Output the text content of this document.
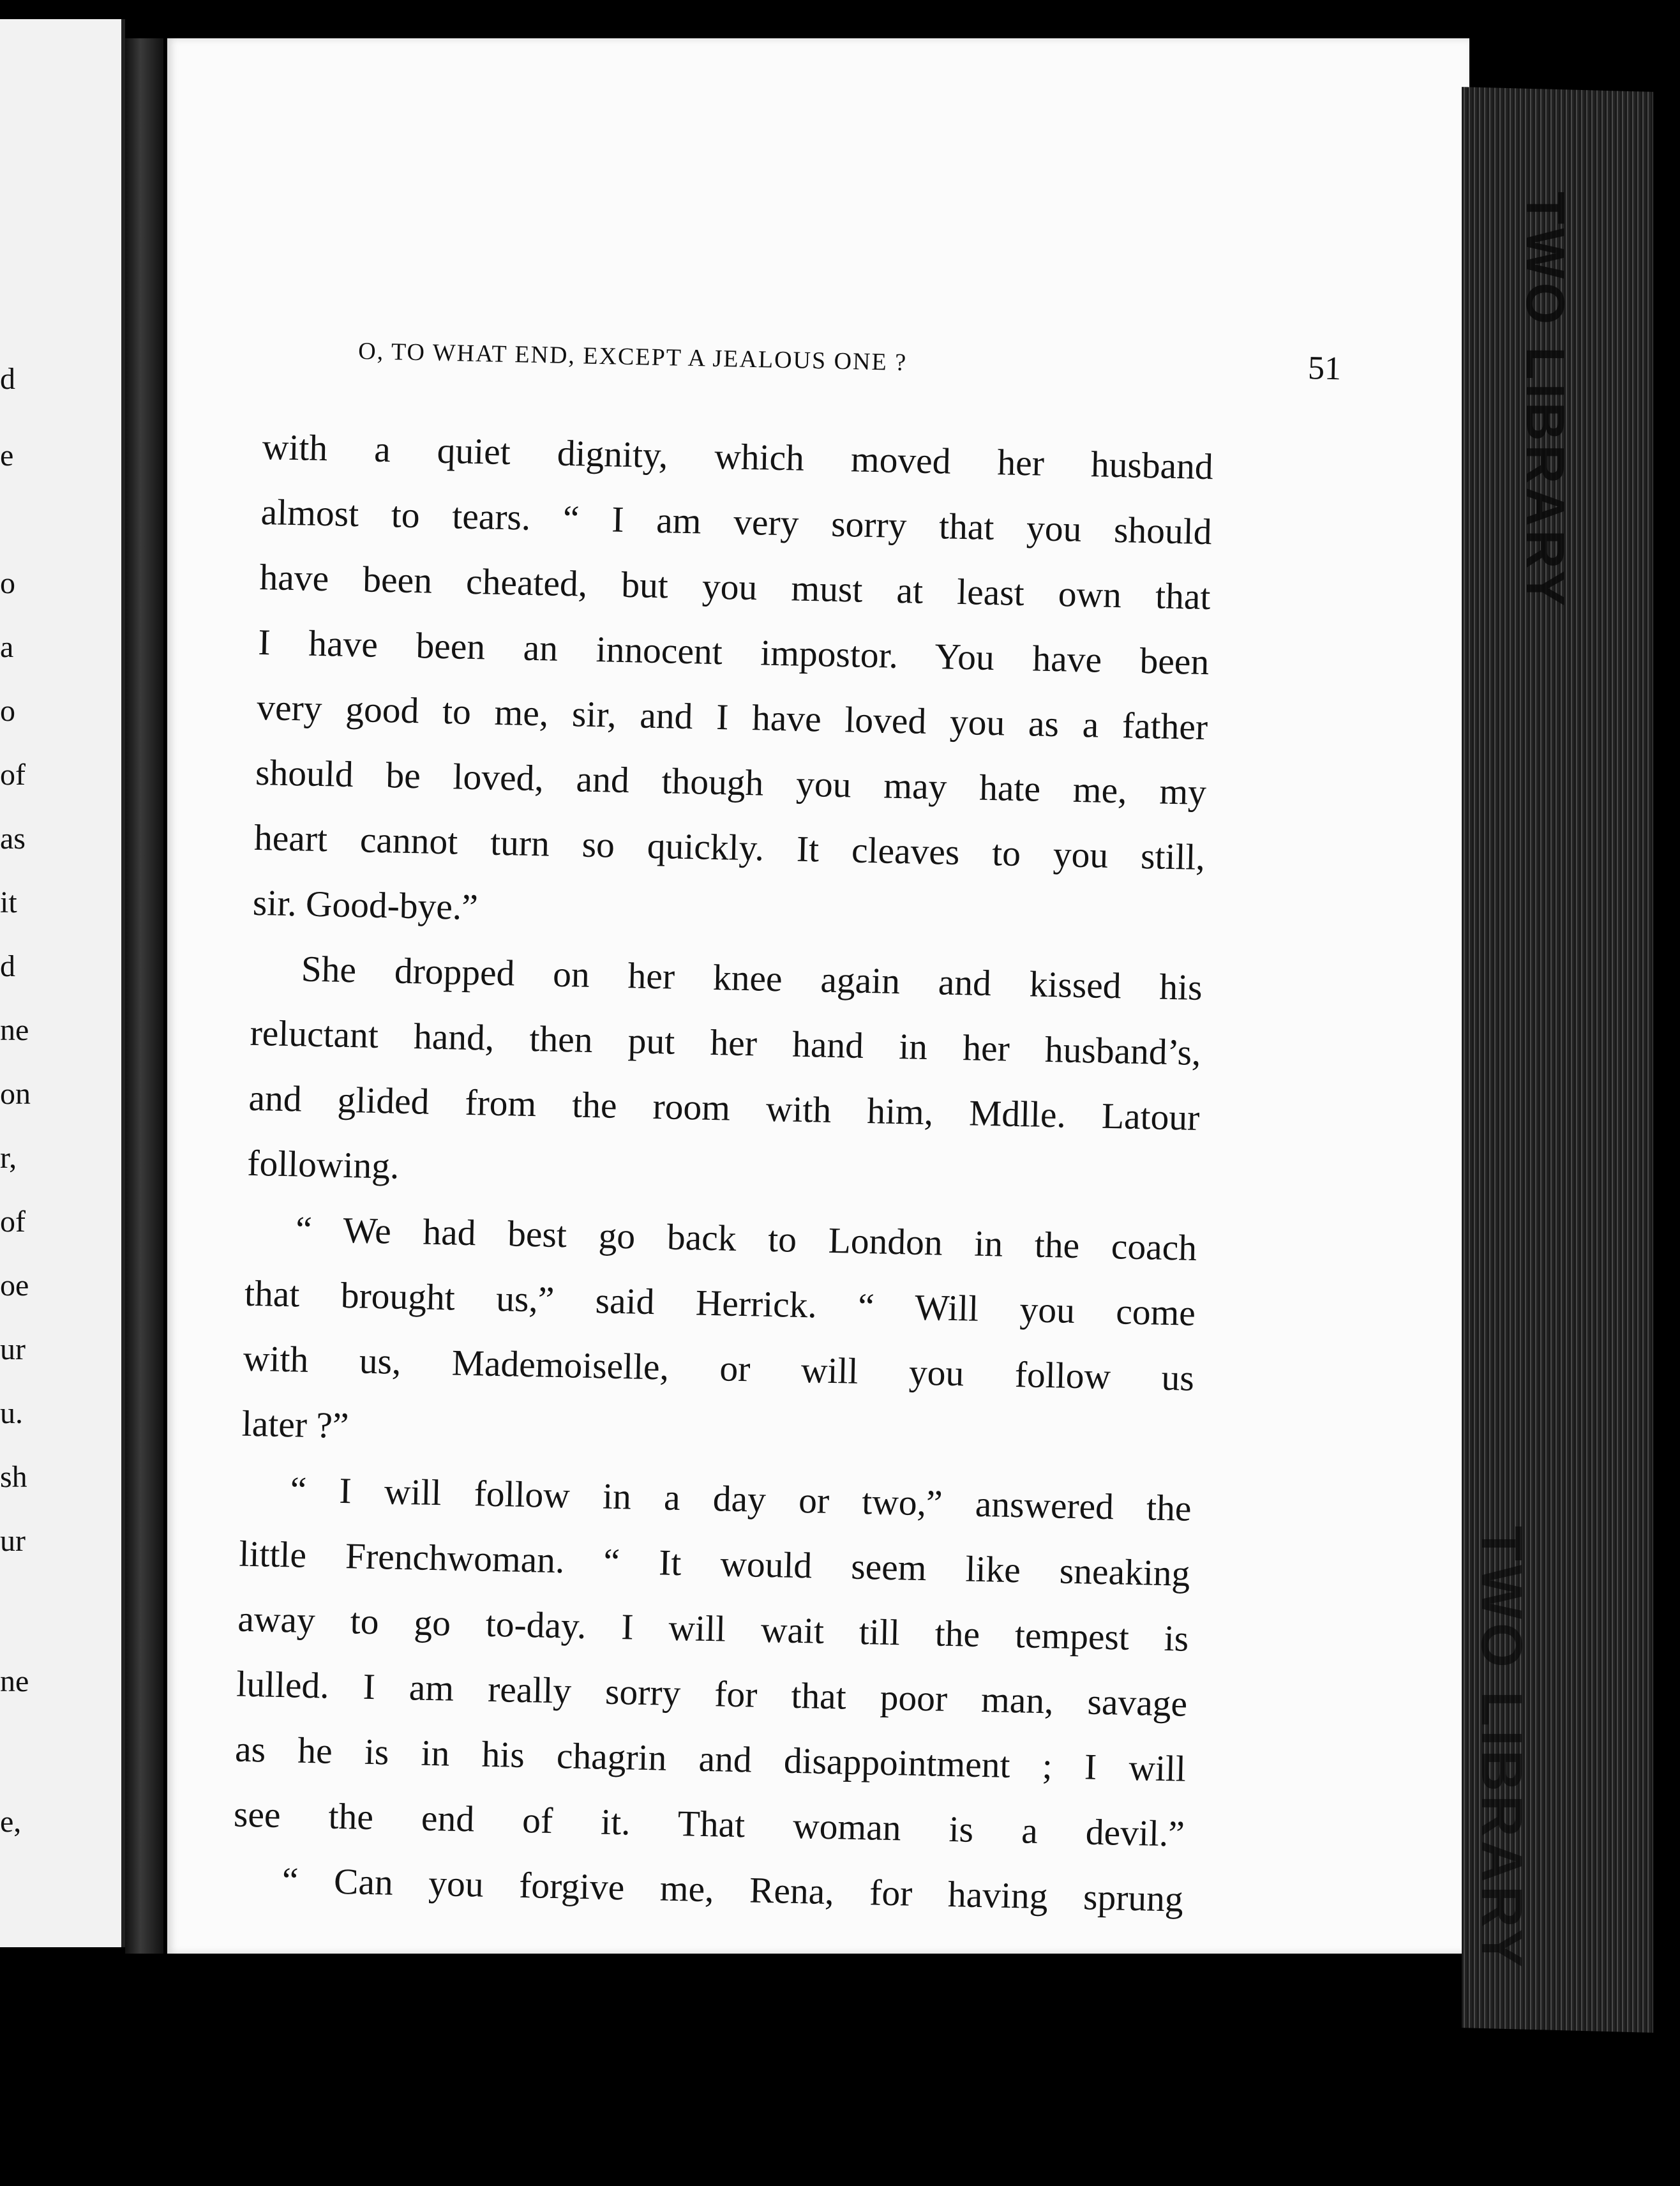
d
e
o
a
o
of
as
it
d
ne
on
r,
of
oe
ur
u.
sh
ur
ne
e,
O, TO WHAT END, EXCEPT A JEALOUS ONE ?	51

with a quiet dignity, which moved her husband
almost to tears. “ I am very sorry that you should
have been cheated, but you must at least own that
I have been an innocent impostor. You have been
very good to me, sir, and I have loved you as a father
should be loved, and though you may hate me, my
heart cannot turn so quickly. It cleaves to you still,
sir. Good-bye.”

She dropped on her knee again and kissed his
reluctant hand, then put her hand in her husband’s,
and glided from the room with him, Mdlle. Latour
following.

“ We had best go back to London in the coach
that brought us,” said Herrick. “ Will you come
with us, Mademoiselle, or will you follow us
later ?”

“ I will follow in a day or two,” answered the
little Frenchwoman. “ It would seem like sneaking
away to go to-day. I will wait till the tempest is
lulled. I am really sorry for that poor man, savage
as he is in his chagrin and disappointment ; I will
see the end of it. That woman is a devil.”

“ Can you forgive me, Rena, for having sprung

TWO LIBRARY
TWO LIBRARY
